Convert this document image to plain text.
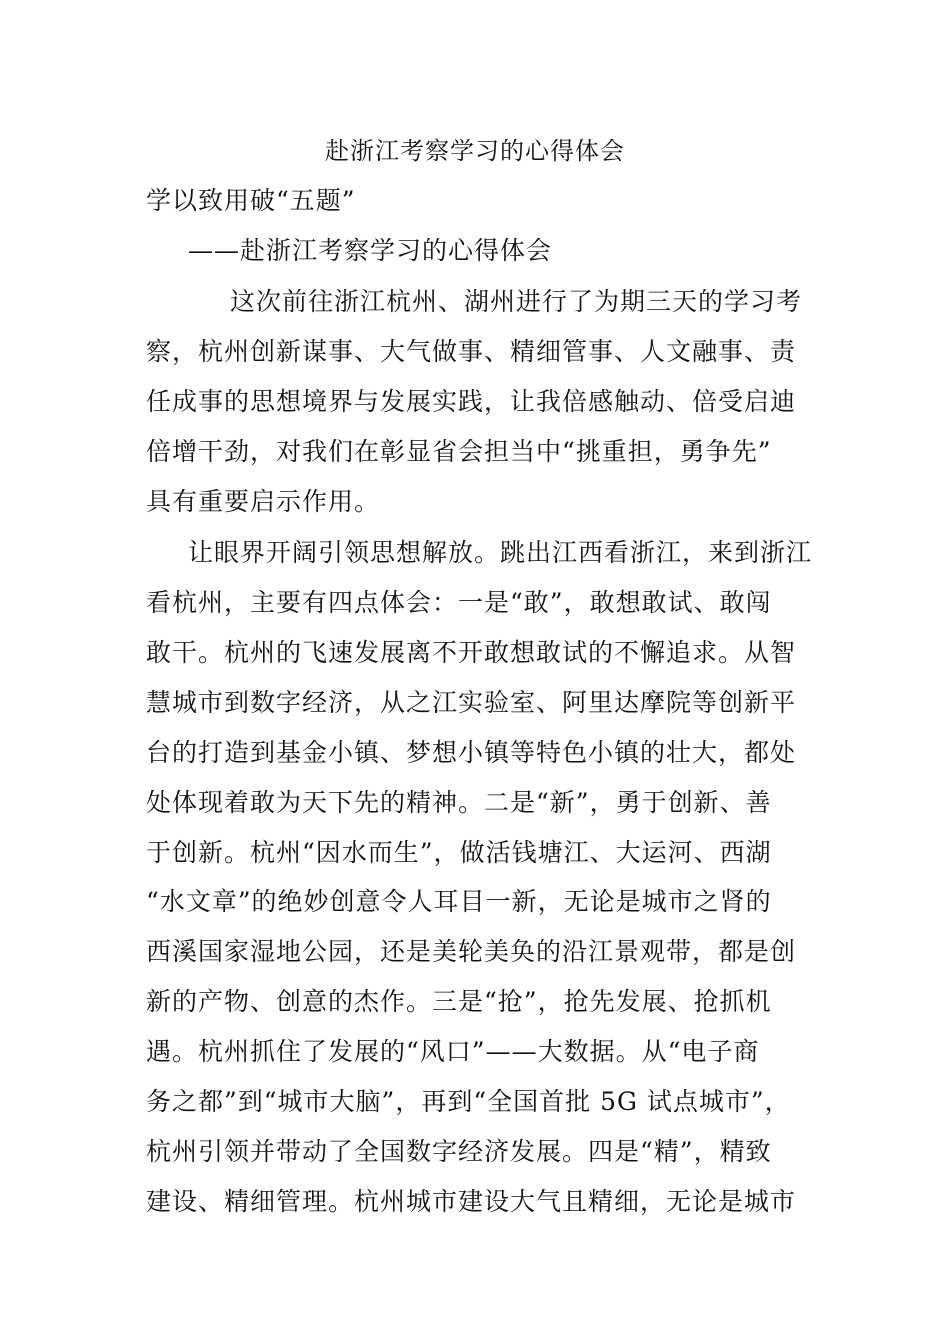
赴浙江考察学习的心得体会
学以致用破“五题”
——赴浙江考察学习的心得体会
这次前往浙江杭州、湖州进行了为期三天的学习考
察，杭州创新谋事、大气做事、精细管事、人文融事、责
任成事的思想境界与发展实践，让我倍感触动、倍受启迪
倍增干劲，对我们在彰显省会担当中“挑重担，勇争先”
具有重要启示作用。
让眼界开阔引领思想解放。跳出江西看浙江，来到浙江
看杭州，主要有四点体会：一是“敢”，敢想敢试、敢闯
敢干。杭州的飞速发展离不开敢想敢试的不懈追求。从智
慧城市到数字经济，从之江实验室、阿里达摩院等创新平
台的打造到基金小镇、梦想小镇等特色小镇的壮大，都处
处体现着敢为天下先的精神。二是“新”，勇于创新、善
于创新。杭州“因水而生”，做活钱塘江、大运河、西湖
“水文章”的绝妙创意令人耳目一新，无论是城市之肾的
西溪国家湿地公园，还是美轮美奂的沿江景观带，都是创
新的产物、创意的杰作。三是“抢”，抢先发展、抢抓机
遇。杭州抓住了发展的“风口”——大数据。从“电子商
务之都”到“城市大脑”，再到“全国首批 5G 试点城市”，
杭州引领并带动了全国数字经济发展。四是“精”，精致
建设、精细管理。杭州城市建设大气且精细，无论是城市
